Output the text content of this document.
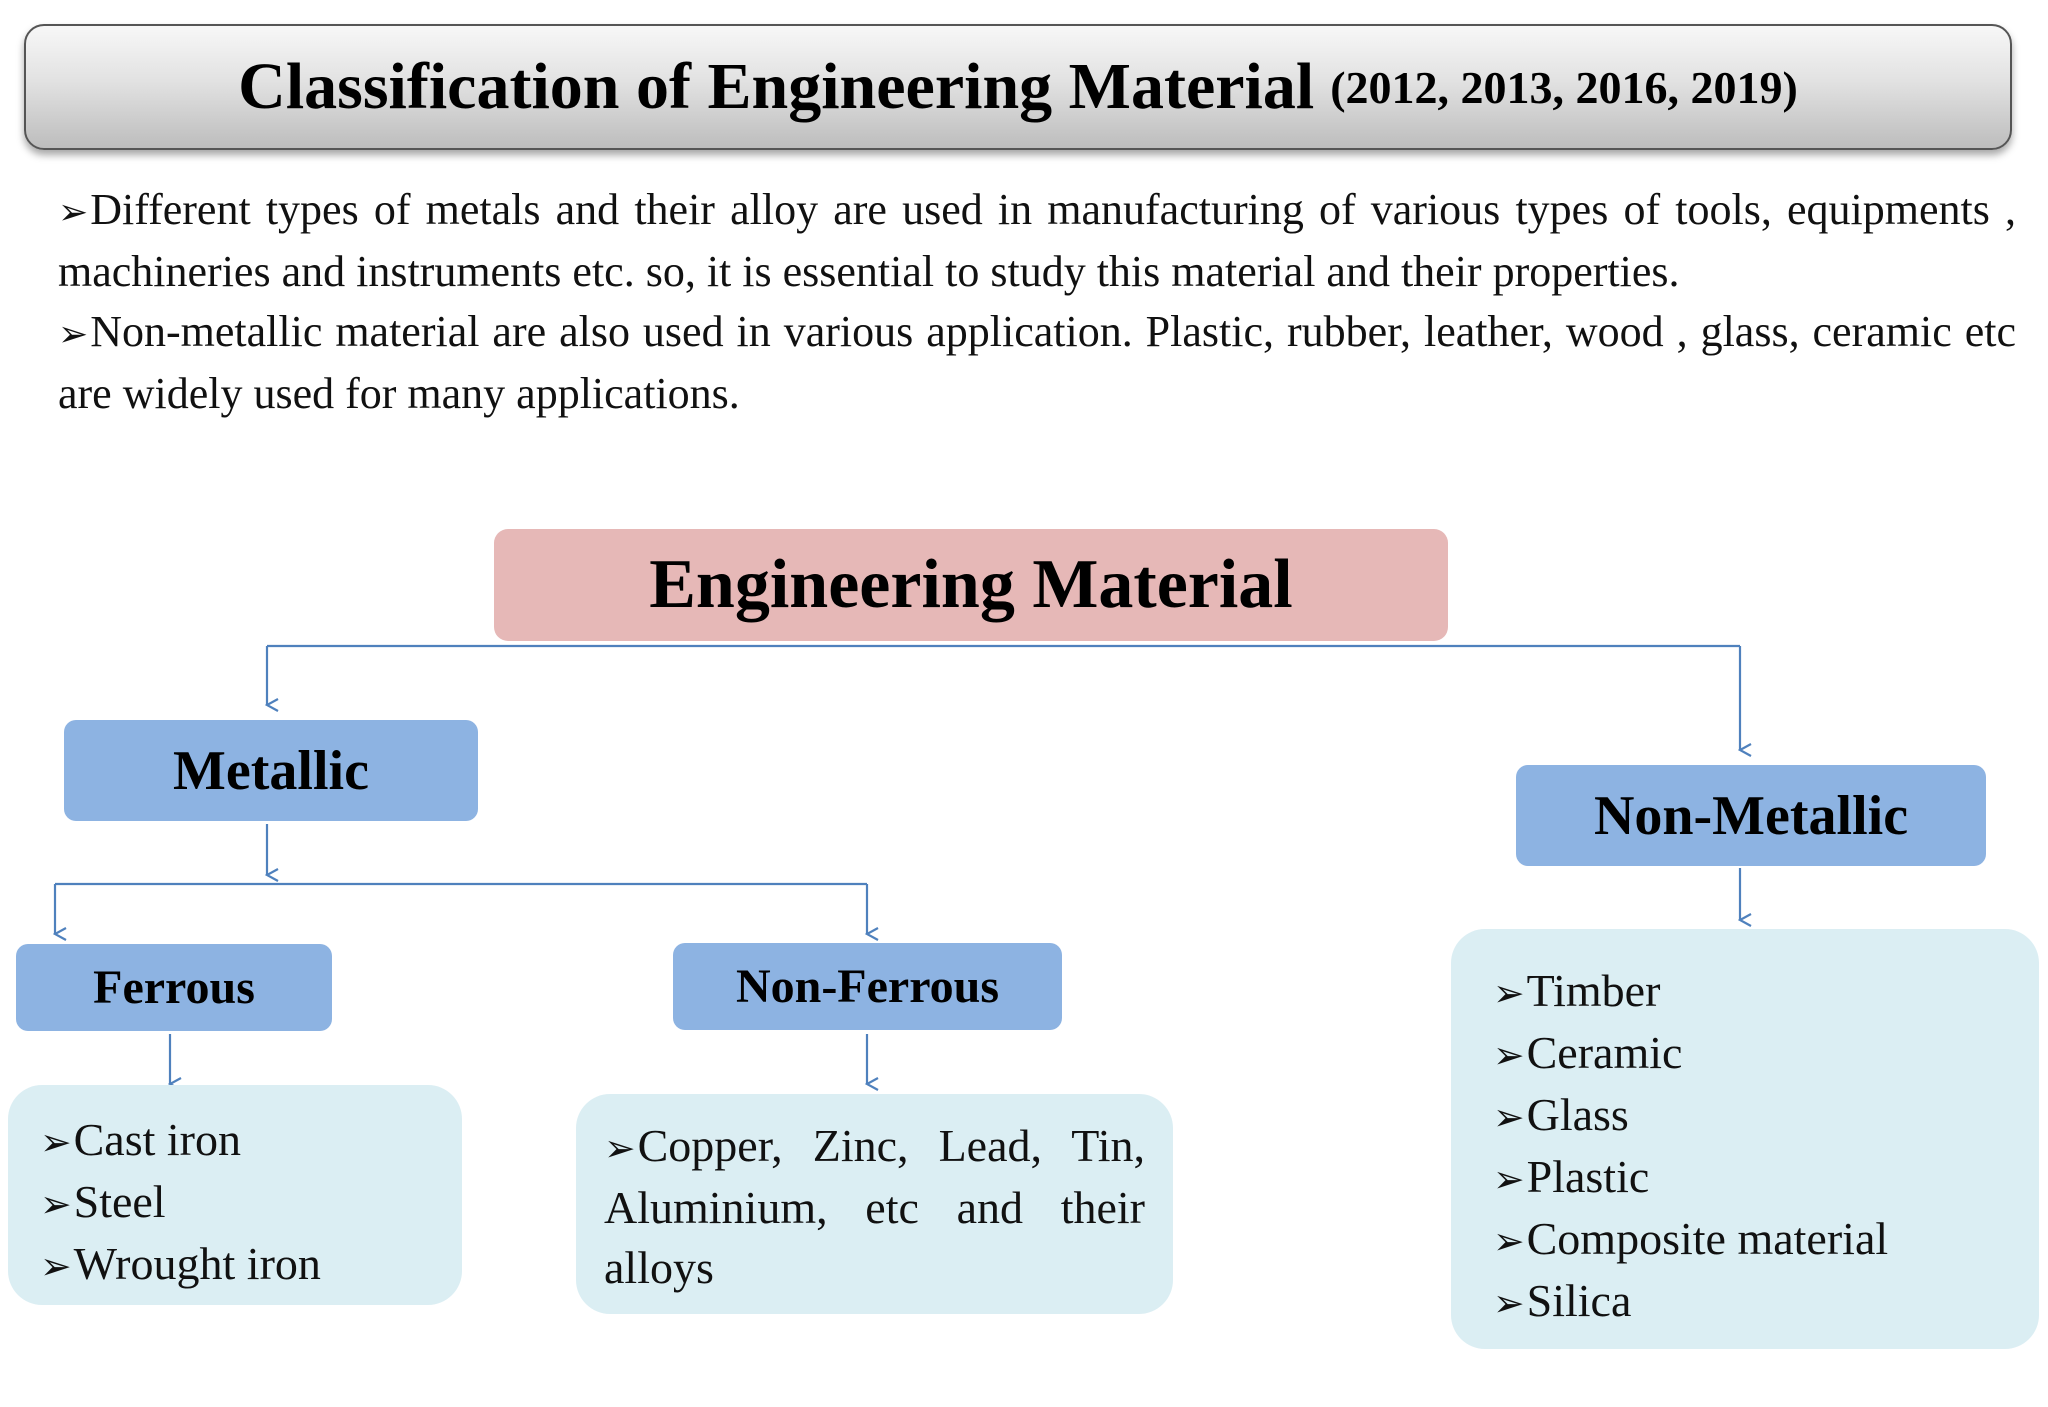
Classification of Engineering Material (2012, 2013, 2016, 2019)

➢Different types of metals and their alloy are used in manufacturing of various types of tools, equipments , machineries and instruments etc. so, it is essential to study this material and their properties.

➢Non-metallic material are also used in various application. Plastic, rubber, leather, wood , glass, ceramic etc are widely used for many applications.

Engineering Material
Metallic
Non-Metallic
Ferrous	Non-Ferrous
➢Cast iron
➢Steel
➢Wrought iron
➢Copper, Zinc, Lead, Tin, Aluminium, etc and their alloys
➢Timber
➢Ceramic
➢Glass
➢Plastic
➢Composite material
➢Silica
